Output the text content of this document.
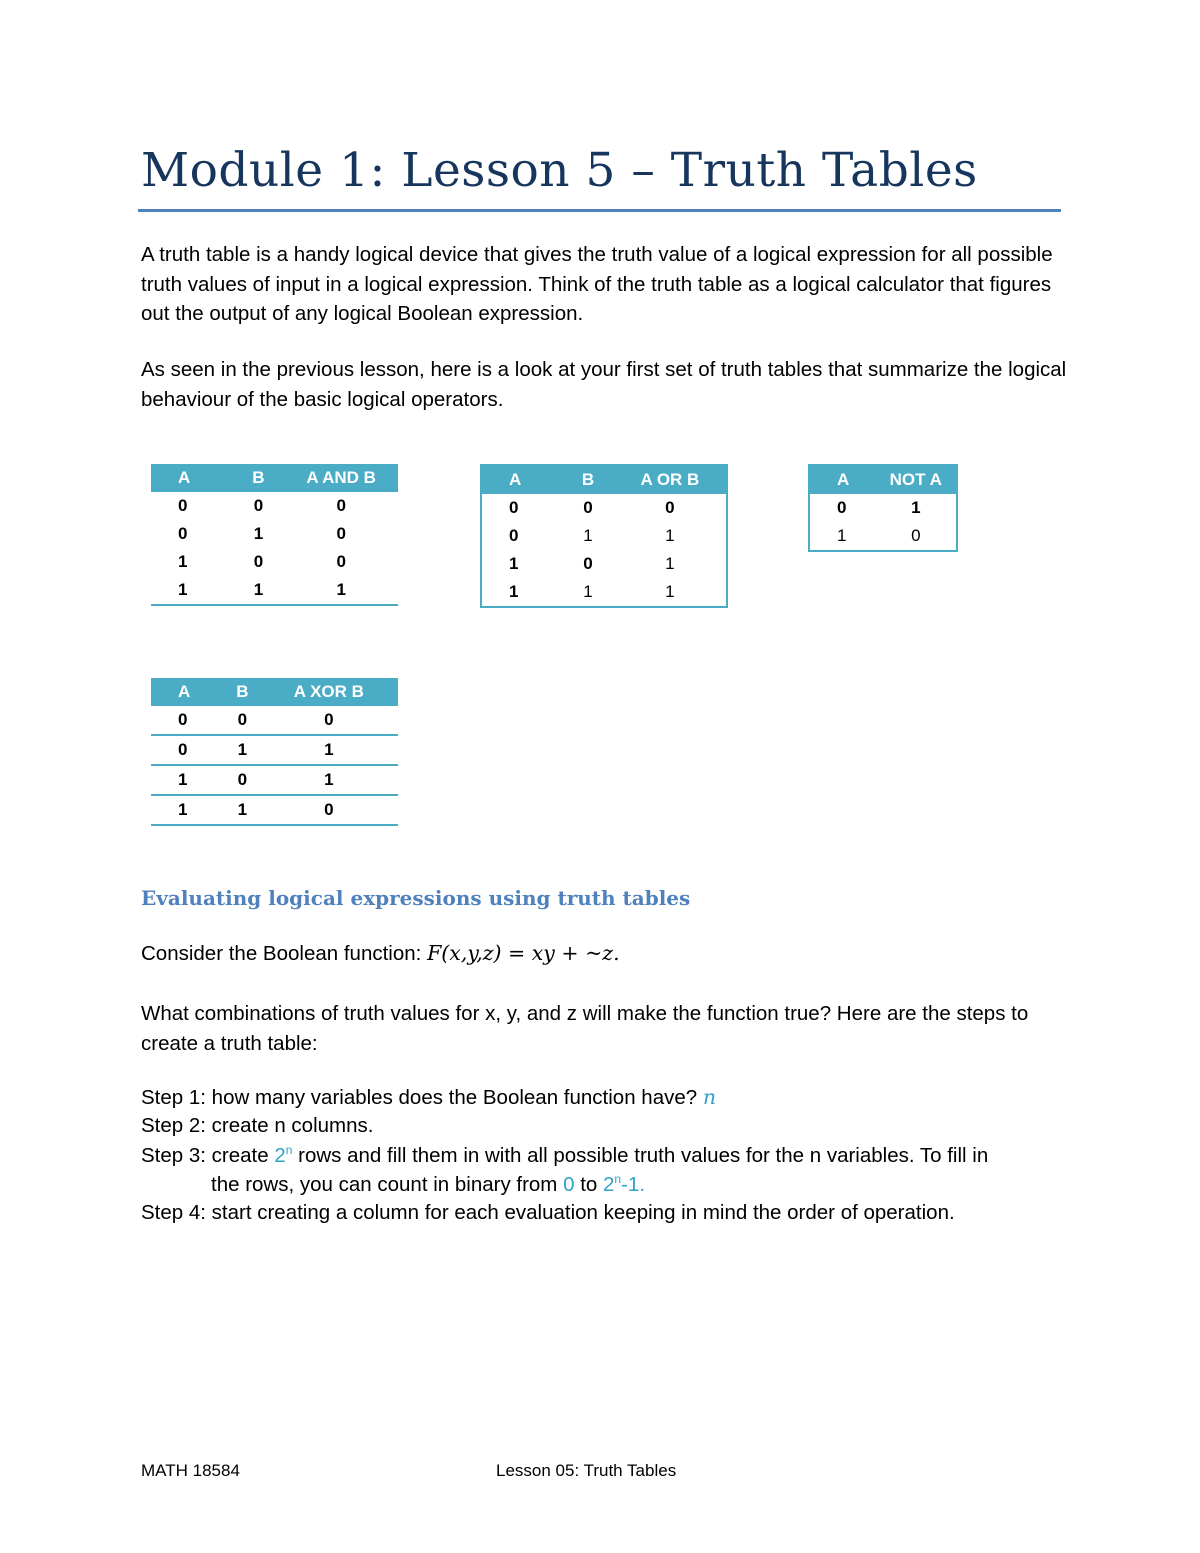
Module 1: Lesson 5 – Truth Tables
A truth table is a handy logical device that gives the truth value of a logical expression for all possible truth values of input in a logical expression. Think of the truth table as a logical calculator that figures out the output of any logical Boolean expression.
As seen in the previous lesson, here is a look at your first set of truth tables that summarize the logical behaviour of the basic logical operators.
A	B	A AND B
0	0	0
0	1	0
1	0	0
1	1	1
A	B	A OR B
0	0	0
0	1	1
1	0	1
1	1	1
A	NOT A
0	1
1	0
A	B	A XOR B
0	0	0
0	1	1
1	0	1
1	1	0
Evaluating logical expressions using truth tables
Consider the Boolean function: F(x,y,z) = xy + ~z.
What combinations of truth values for x, y, and z will make the function true? Here are the steps to create a truth table:
Step 1: how many variables does the Boolean function have? n
Step 2: create n columns.
Step 3: create 2$^n$ rows and fill them in with all possible truth values for the n variables. To fill in
the rows, you can count in binary from 0 to 2$^n$-1.
Step 4: start creating a column for each evaluation keeping in mind the order of operation.
MATH 18584	Lesson 05: Truth Tables
